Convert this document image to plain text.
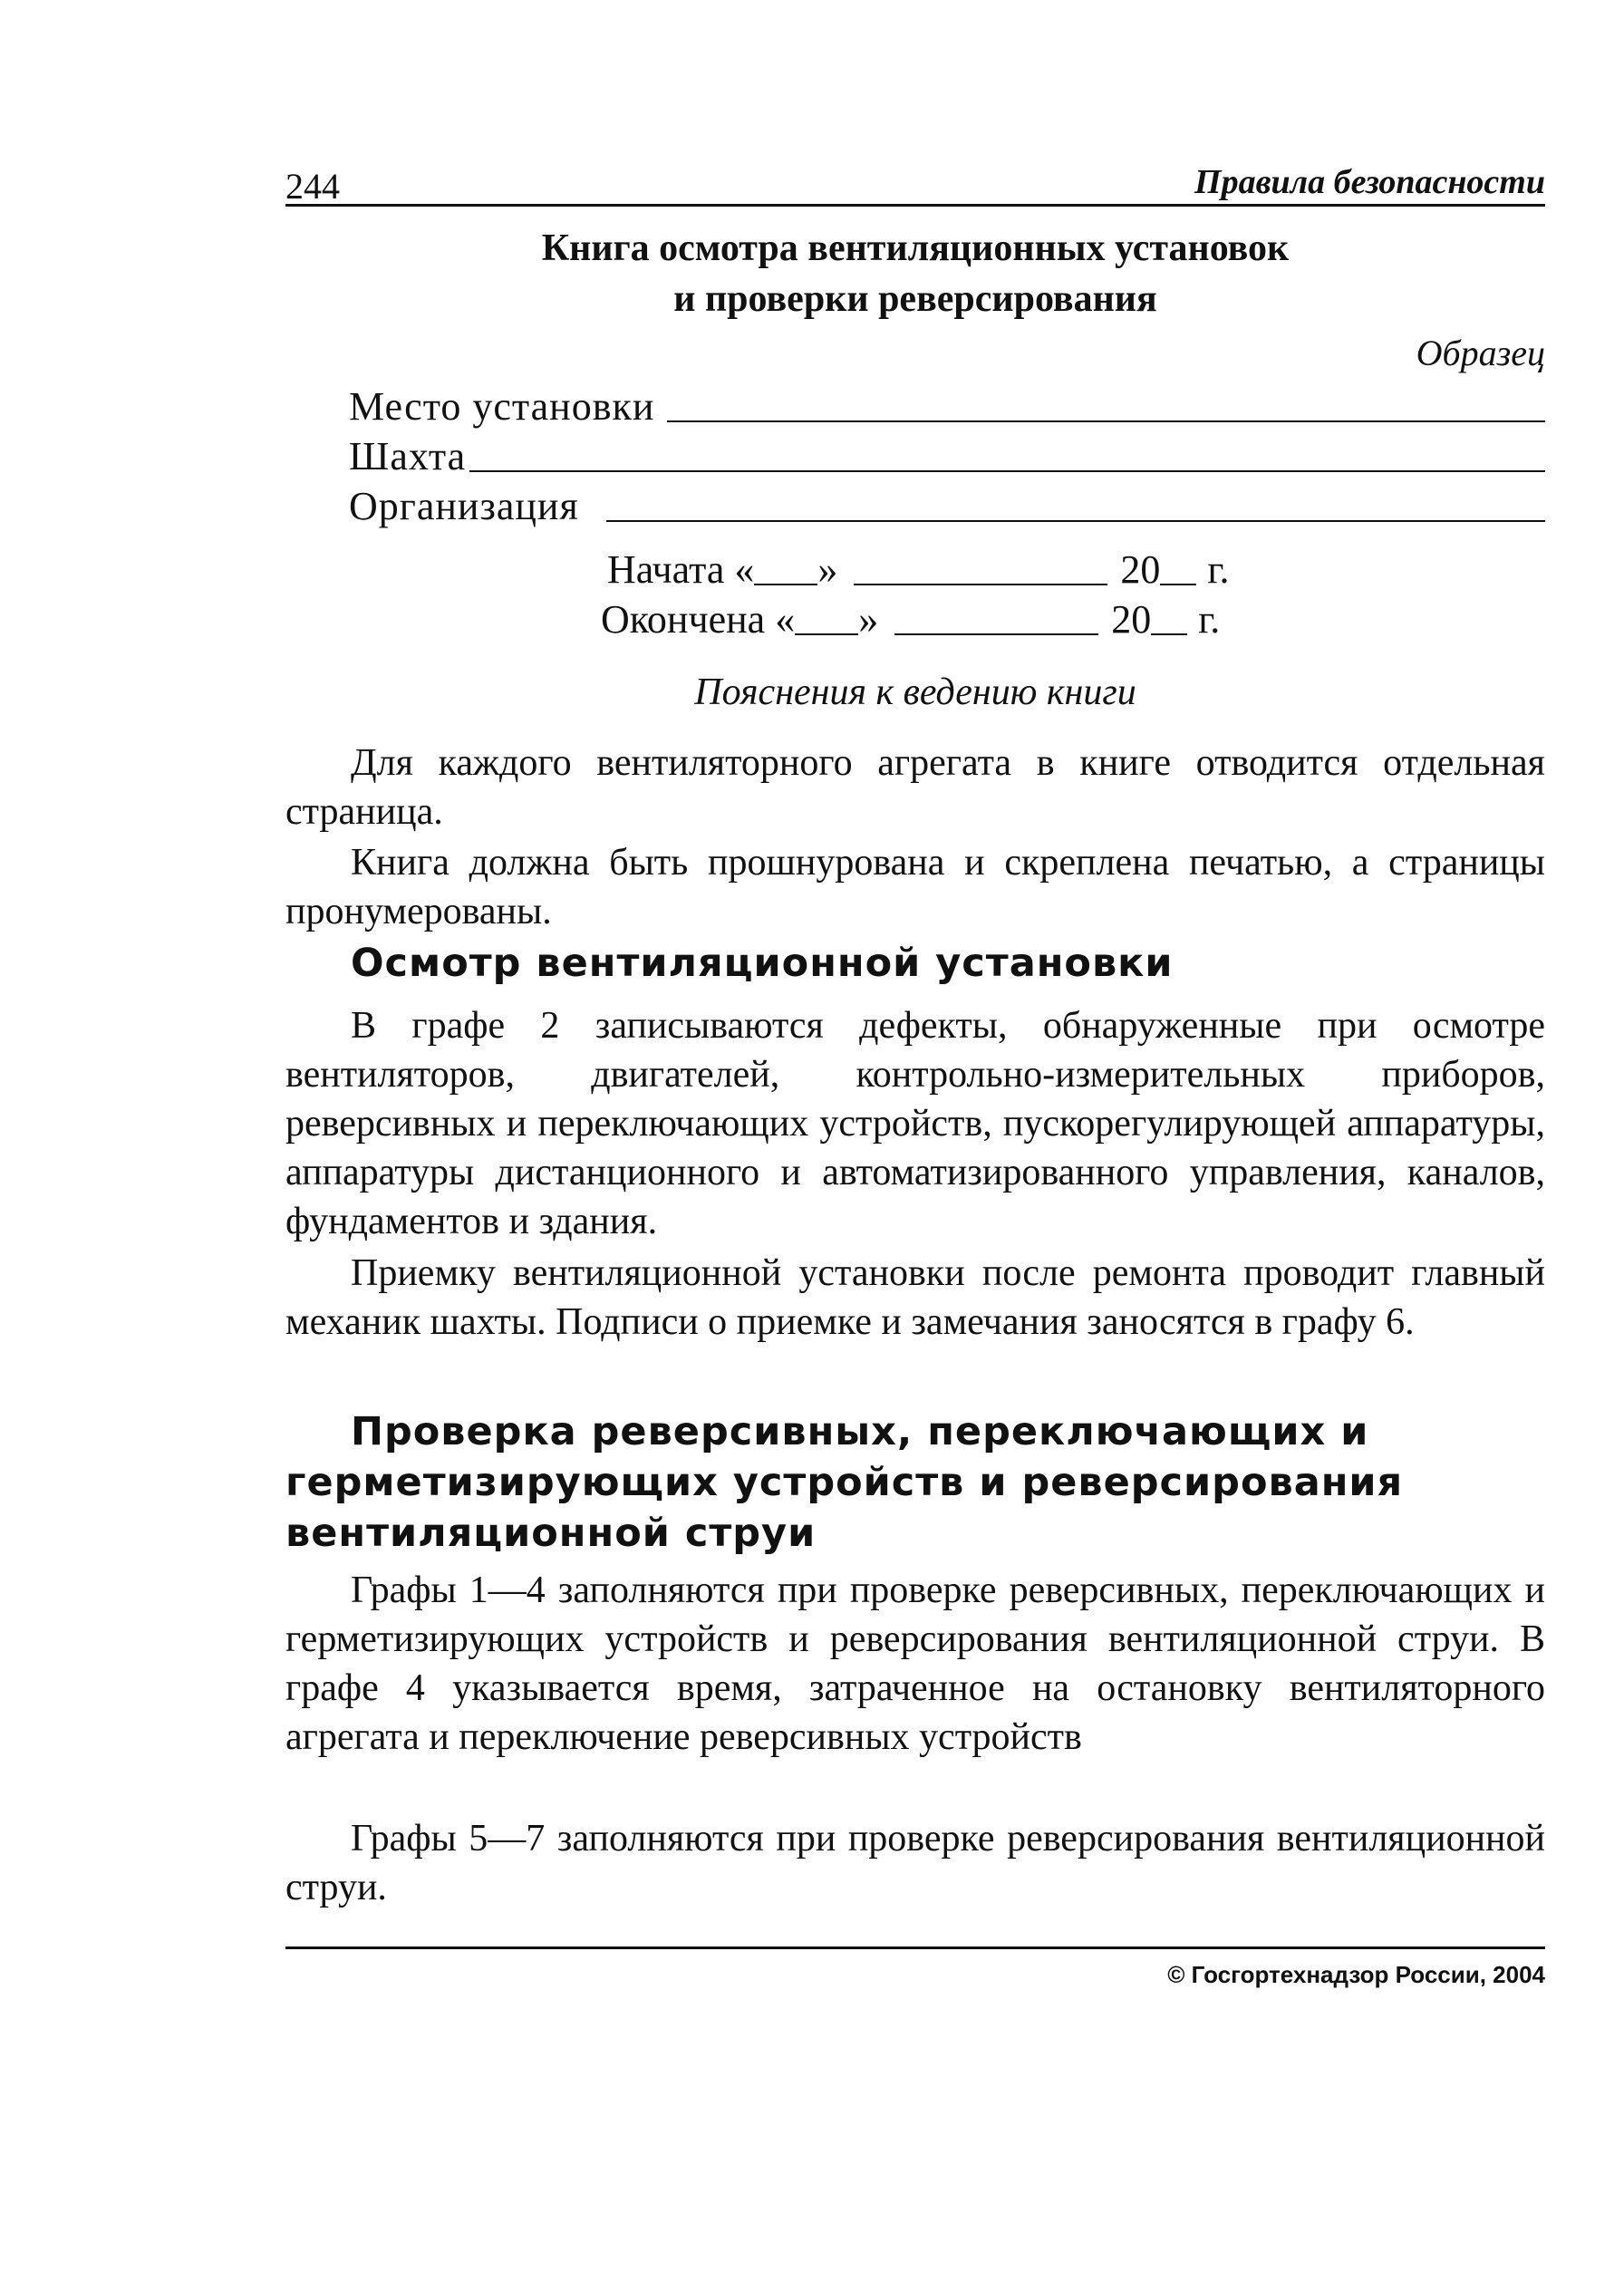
244	Правила безопасности
Книга осмотра вентиляционных установок
и проверки реверсирования
Образец
Место установки
Шахта
Организация
Начата « »	20 г.
Окончена « »	20 г.
Пояснения к ведению книги

Для каждого вентиляторного агрегата в книге отводится отдельная страница.

Книга должна быть прошнурована и скреплена печатью, а страницы пронумерованы.

Осмотр вентиляционной установки

В графе 2 записываются дефекты, обнаруженные при осмотре вентиляторов, двигателей, контрольно-измерительных приборов, реверсивных и переключающих устройств, пускорегулирующей аппаратуры, аппаратуры дистанционного и автоматизированного управления, каналов, фундаментов и здания.

Приемку вентиляционной установки после ремонта проводит главный механик шахты. Подписи о приемке и замечания заносятся в графу 6.

Проверка реверсивных, переключающих и герметизирующих устройств и реверсирования вентиляционной струи

Графы 1—4 заполняются при проверке реверсивных, переключающих и герметизирующих устройств и реверсирования вентиляционной струи. В графе 4 указывается время, затраченное на остановку вентиляторного агрегата и переключение реверсивных устройств

Графы 5—7 заполняются при проверке реверсирования вентиляционной струи.

© Госгортехнадзор России, 2004
